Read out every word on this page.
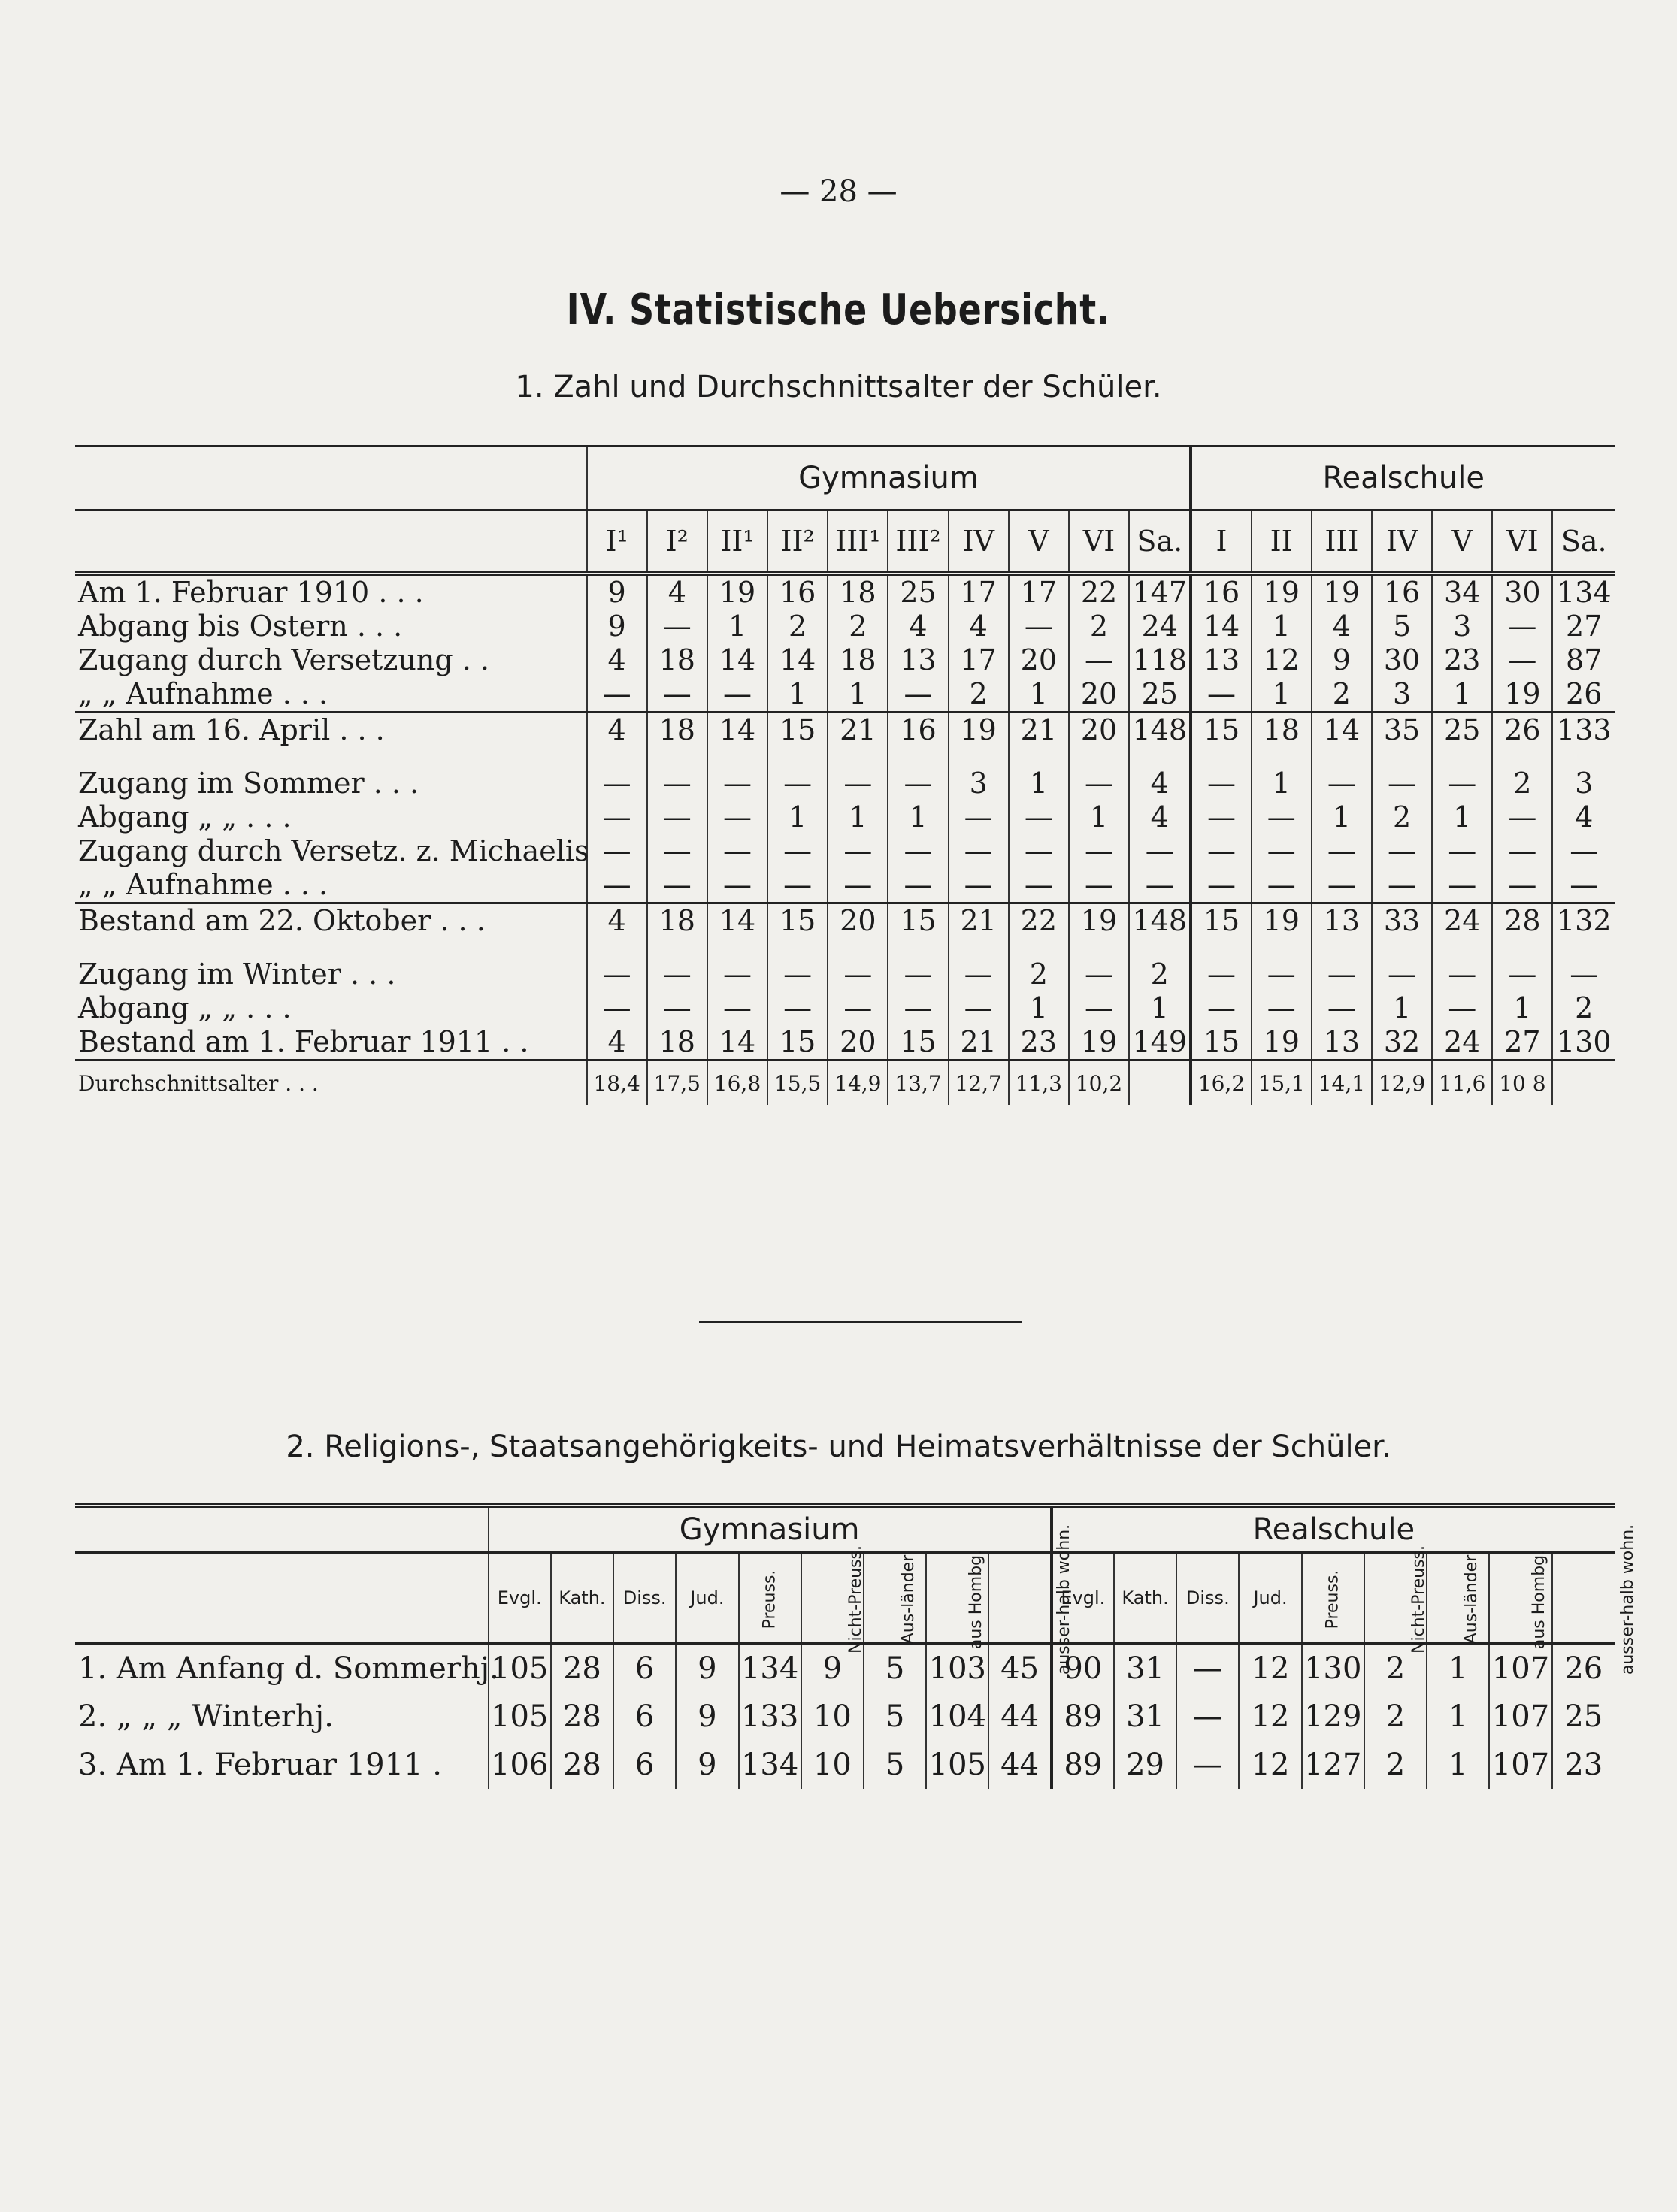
— 28 —
IV. Statistische Uebersicht.
1. Zahl und Durchschnittsalter der Schüler.
	Gymnasium										Realschule						
	I¹	I²	II¹	II²	III¹	III²	IV	V	VI	Sa.	I	II	III	IV	V	VI	Sa.
Am 1. Februar 1910 . . .	9	4	19	16	18	25	17	17	22	147	16	19	19	16	34	30	134
Abgang bis Ostern . . .	9	—	1	2	2	4	4	—	2	24	14	1	4	5	3	—	27
Zugang durch Versetzung . .	4	18	14	14	18	13	17	20	—	118	13	12	9	30	23	—	87
„ „ Aufnahme . . .	—	—	—	1	1	—	2	1	20	25	—	1	2	3	1	19	26
Zahl am 16. April . . .	4	18	14	15	21	16	19	21	20	148	15	18	14	35	25	26	133

Zugang im Sommer . . .	—	—	—	—	—	—	3	1	—	4	—	1	—	—	—	2	3
Abgang „ „ . . .	—	—	—	1	1	1	—	—	1	4	—	—	1	2	1	—	4
Zugang durch Versetz. z. Michaelis	—	—	—	—	—	—	—	—	—	—	—	—	—	—	—	—	—
„ „ Aufnahme . . .	—	—	—	—	—	—	—	—	—	—	—	—	—	—	—	—	—
Bestand am 22. Oktober . . .	4	18	14	15	20	15	21	22	19	148	15	19	13	33	24	28	132

Zugang im Winter . . .	—	—	—	—	—	—	—	2	—	2	—	—	—	—	—	—	—
Abgang „ „ . . .	—	—	—	—	—	—	—	1	—	1	—	—	—	1	—	1	2
Bestand am 1. Februar 1911 . .	4	18	14	15	20	15	21	23	19	149	15	19	13	32	24	27	130
Durchschnittsalter . . .	18,4	17,5	16,8	15,5	14,9	13,7	12,7	11,3	10,2		16,2	15,1	14,1	12,9	11,6	10 8	
2. Religions-, Staatsangehörigkeits- und Heimatsverhältnisse der Schüler.
	Gymnasium									Realschule								
	Evgl.	Kath.	Diss.	Jud.	Preuss.	Nicht-Preuss.	Aus-länder	aus Hombg.	ausser-halb wohn.	Evgl.	Kath.	Diss.	Jud.	Preuss.	Nicht-Preuss.	Aus-länder	aus Hombg.	ausser-halb wohn.
1. Am Anfang d. Sommerhj.	105	28	6	9	134	9	5	103	45	90	31	—	12	130	2	1	107	26
2. „ „ „ Winterhj.	105	28	6	9	133	10	5	104	44	89	31	—	12	129	2	1	107	25
3. Am 1. Februar 1911 .	106	28	6	9	134	10	5	105	44	89	29	—	12	127	2	1	107	23
